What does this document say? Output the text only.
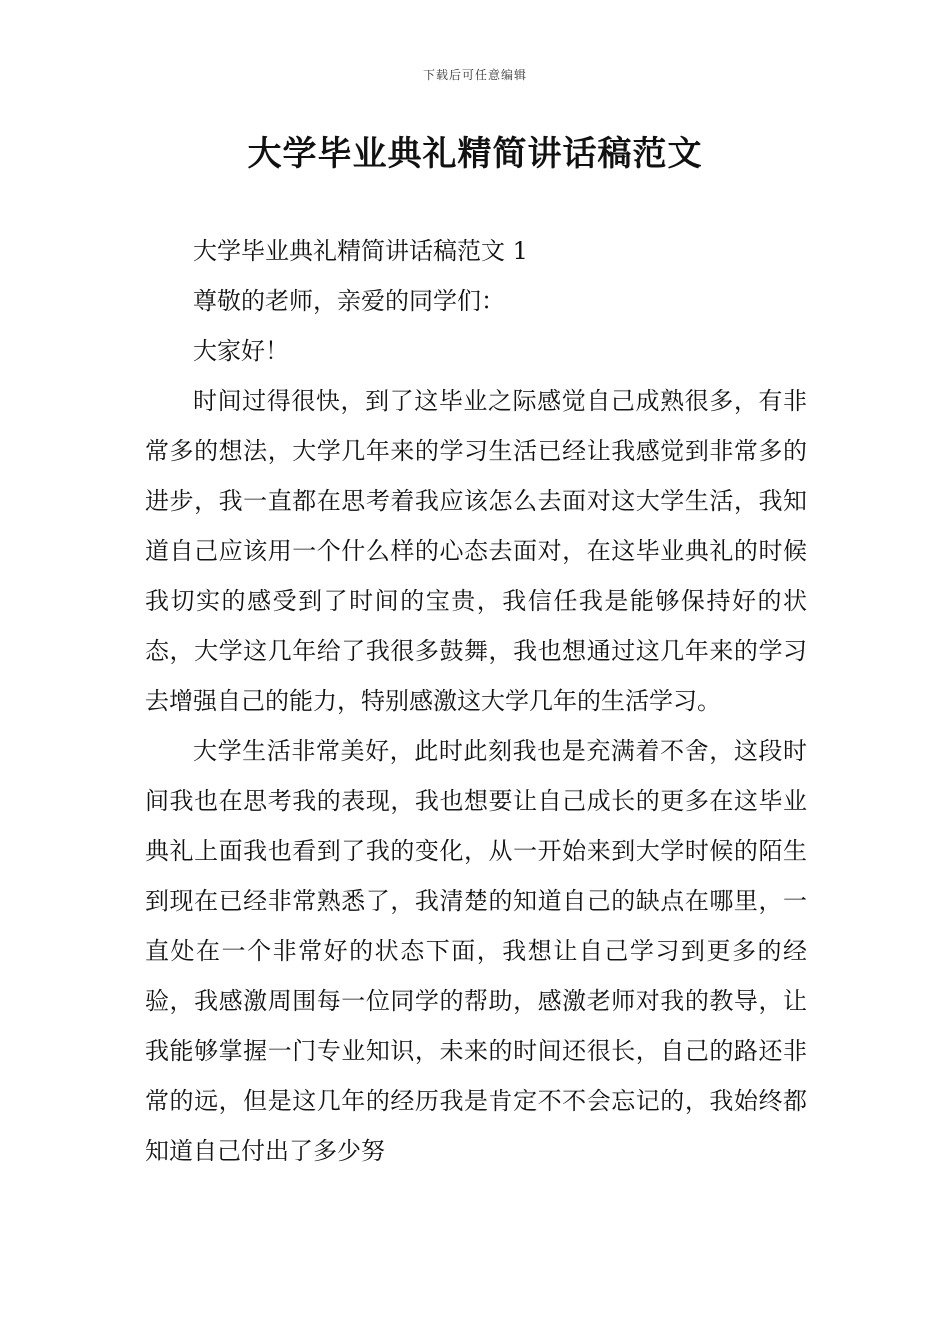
下载后可任意编辑
大学毕业典礼精简讲话稿范文

大学毕业典礼精简讲话稿范文 1

尊敬的老师，亲爱的同学们：

大家好！

时间过得很快，到了这毕业之际感觉自己成熟很多，有非常多的想法，大学几年来的学习生活已经让我感觉到非常多的进步，我一直都在思考着我应该怎么去面对这大学生活，我知道自己应该用一个什么样的心态去面对，在这毕业典礼的时候我切实的感受到了时间的宝贵，我信任我是能够保持好的状态，大学这几年给了我很多鼓舞，我也想通过这几年来的学习去增强自己的能力，特别感激这大学几年的生活学习。

大学生活非常美好，此时此刻我也是充满着不舍，这段时间我也在思考我的表现，我也想要让自己成长的更多在这毕业典礼上面我也看到了我的变化，从一开始来到大学时候的陌生到现在已经非常熟悉了，我清楚的知道自己的缺点在哪里，一直处在一个非常好的状态下面，我想让自己学习到更多的经验，我感激周围每一位同学的帮助，感激老师对我的教导，让我能够掌握一门专业知识，未来的时间还很长，自己的路还非常的远，但是这几年的经历我是肯定不不会忘记的，我始终都知道自己付出了多少努
